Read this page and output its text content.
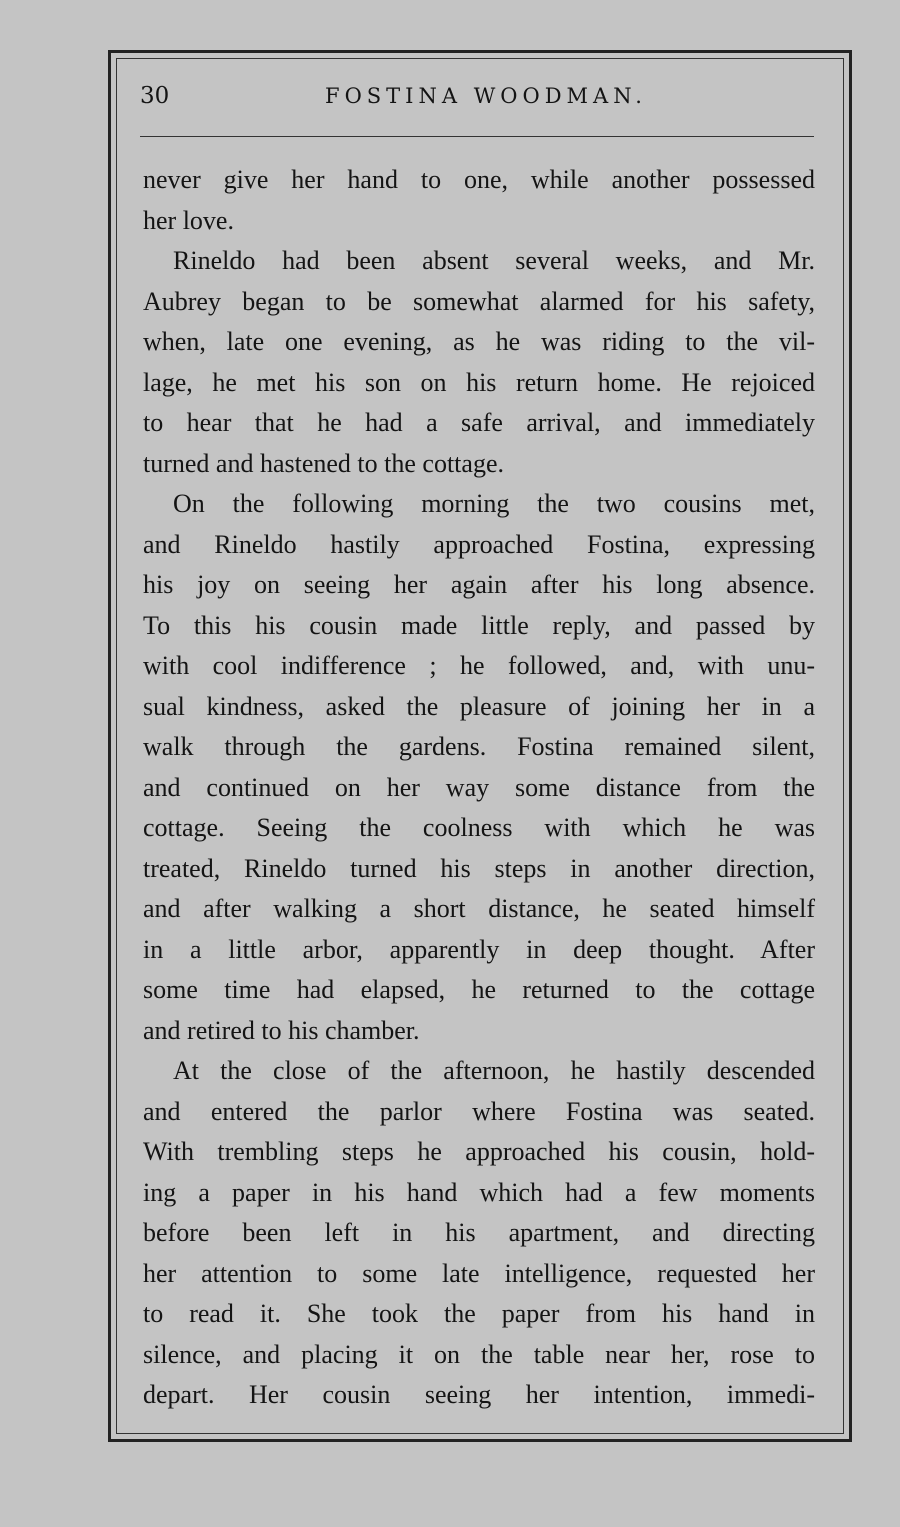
30	FOSTINA WOODMAN.
never give her hand to one, while another possessed
her love.
Rineldo had been absent several weeks, and Mr.
Aubrey began to be somewhat alarmed for his safety,
when, late one evening, as he was riding to the vil-
lage, he met his son on his return home. He rejoiced
to hear that he had a safe arrival, and immediately
turned and hastened to the cottage.
On the following morning the two cousins met,
and Rineldo hastily approached Fostina, expressing
his joy on seeing her again after his long absence.
To this his cousin made little reply, and passed by
with cool indifference ; he followed, and, with unu-
sual kindness, asked the pleasure of joining her in a
walk through the gardens. Fostina remained silent,
and continued on her way some distance from the
cottage. Seeing the coolness with which he was
treated, Rineldo turned his steps in another direction,
and after walking a short distance, he seated himself
in a little arbor, apparently in deep thought. After
some time had elapsed, he returned to the cottage
and retired to his chamber.
At the close of the afternoon, he hastily descended
and entered the parlor where Fostina was seated.
With trembling steps he approached his cousin, hold-
ing a paper in his hand which had a few moments
before been left in his apartment, and directing
her attention to some late intelligence, requested her
to read it. She took the paper from his hand in
silence, and placing it on the table near her, rose to
depart. Her cousin seeing her intention, immedi-
